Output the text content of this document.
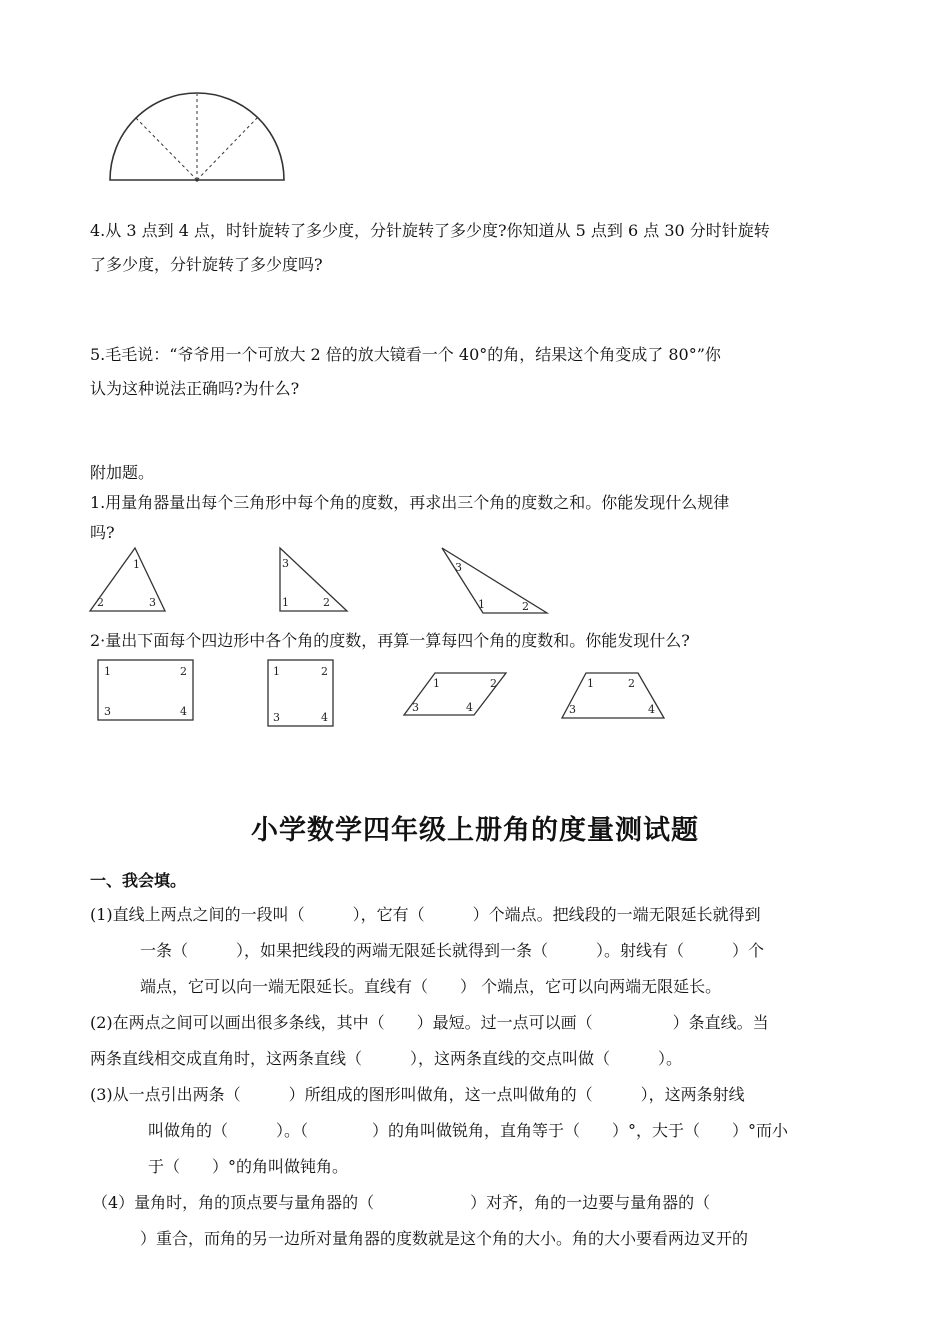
4.从 3 点到 4 点，时针旋转了多少度，分针旋转了多少度?你知道从 5 点到 6 点 30 分时针旋转
了多少度，分针旋转了多少度吗?
5.毛毛说：“爷爷用一个可放大 2 倍的放大镜看一个 40°的角，结果这个角变成了 80°”你
认为这种说法正确吗?为什么?
附加题。
1.用量角器量出每个三角形中每个角的度数，再求出三个角的度数之和。你能发现什么规律
吗?
1
2	3
3
1	2
3
1	2
2·量出下面每个四边形中各个角的度数，再算一算每四个角的度数和。你能发现什么?
1	2
3	4
1	2
3	4
1	2
3	4
1	2
3	4
小学数学四年级上册角的度量测试题
一、我会填。
(1)直线上两点之间的一段叫（　　　），它有（　　　）个端点。把线段的一端无限延长就得到
一条（　　　），如果把线段的两端无限延长就得到一条（　　　）。射线有（　　　）个
端点，它可以向一端无限延长。直线有（　　） 个端点，它可以向两端无限延长。
(2)在两点之间可以画出很多条线，其中（　　）最短。过一点可以画（　　　　　）条直线。当
两条直线相交成直角时，这两条直线（　　　），这两条直线的交点叫做（　　　）。
(3)从一点引出两条（　　　）所组成的图形叫做角，这一点叫做角的（　　　），这两条射线
叫做角的（　　　）。（　　　　）的角叫做锐角，直角等于（　　）°，大于（　　）°而小
于（　　）°的角叫做钝角。
（4）量角时，角的顶点要与量角器的（　　　　　　）对齐，角的一边要与量角器的（
）重合，而角的另一边所对量角器的度数就是这个角的大小。角的大小要看两边叉开的
